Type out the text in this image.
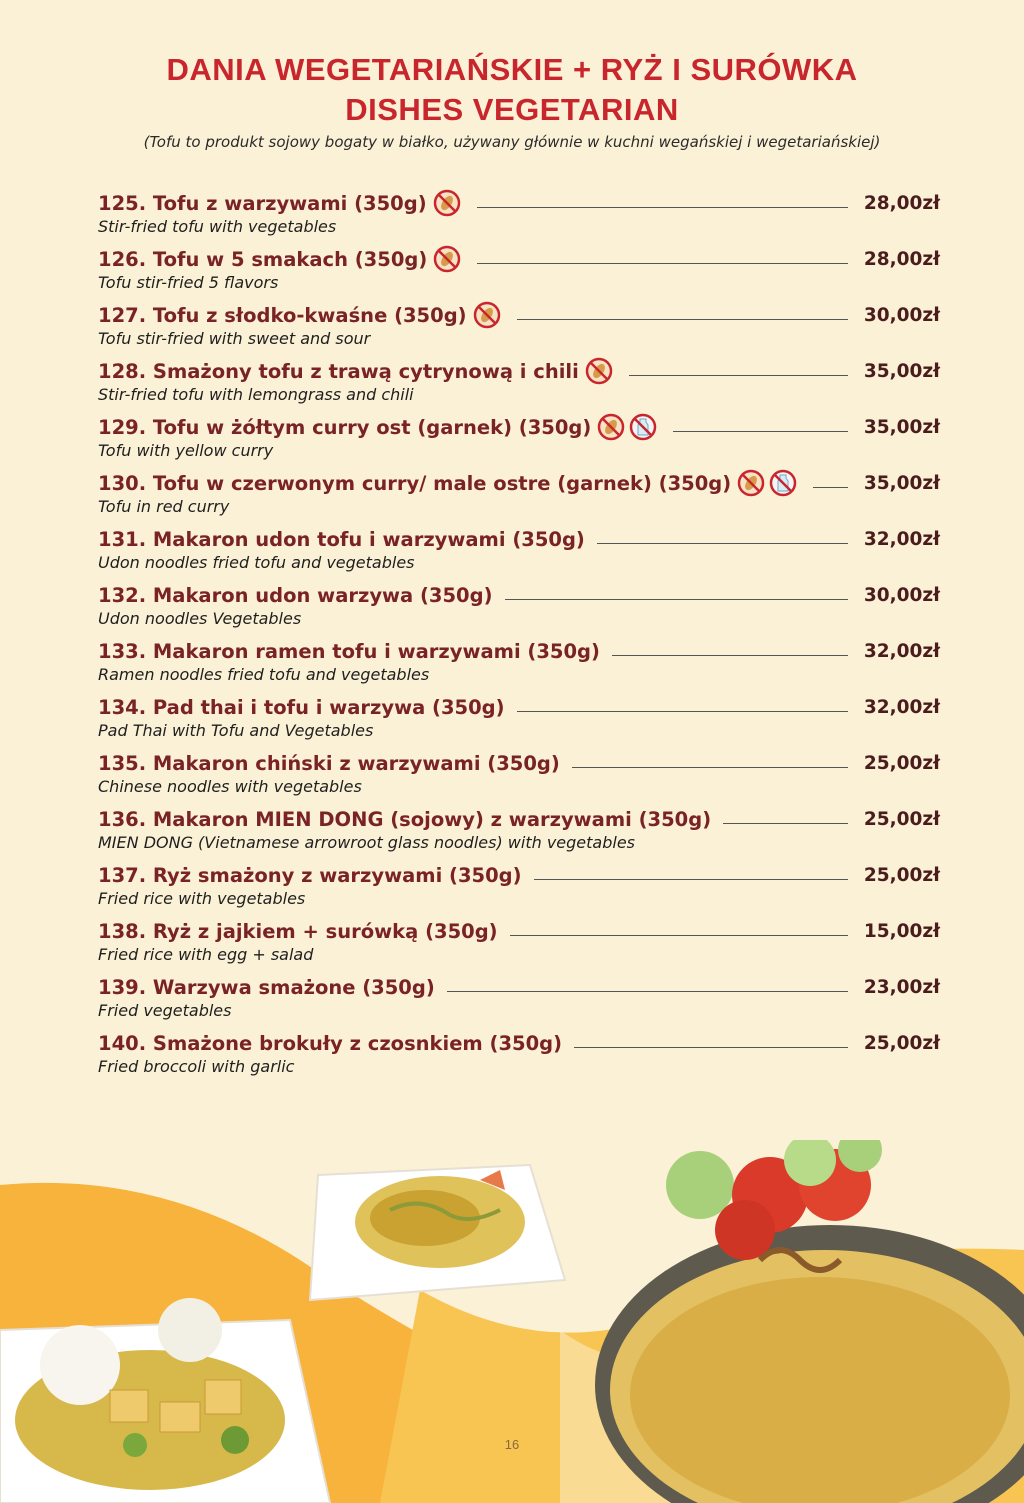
DANIA WEGETARIAŃSKIE + RYŻ I SURÓWKA
DISHES VEGETARIAN
(Tofu to produkt sojowy bogaty w białko, używany głównie w kuchni wegańskiej i wegetariańskiej)
125. Tofu z warzywami (350g)	28,00zł
Stir-fried tofu with vegetables
126. Tofu w 5 smakach (350g)	28,00zł
Tofu stir-fried 5 flavors
127. Tofu z słodko-kwaśne (350g)	30,00zł
Tofu stir-fried with sweet and sour
128. Smażony tofu z trawą cytrynową i chili	35,00zł
Stir-fried tofu with lemongrass and chili
129. Tofu w żółtym curry ost (garnek) (350g)	35,00zł
Tofu with yellow curry
130. Tofu w czerwonym curry/ male ostre (garnek) (350g)	35,00zł
Tofu in red curry
131. Makaron udon tofu i warzywami (350g)	32,00zł
Udon noodles fried tofu and vegetables
132. Makaron udon warzywa (350g)	30,00zł
Udon noodles Vegetables
133. Makaron ramen tofu i warzywami (350g)	32,00zł
Ramen noodles fried tofu and vegetables
134. Pad thai i tofu i warzywa (350g)	32,00zł
Pad Thai with Tofu and Vegetables
135. Makaron chiński z warzywami (350g)	25,00zł
Chinese noodles with vegetables
136. Makaron MIEN DONG (sojowy) z warzywami (350g)	25,00zł
MIEN DONG (Vietnamese arrowroot glass noodles) with vegetables
137. Ryż smażony z warzywami (350g)	25,00zł
Fried rice with vegetables
138. Ryż z jajkiem + surówką (350g)	15,00zł
Fried rice with egg + salad
139. Warzywa smażone (350g)	23,00zł
Fried vegetables
140. Smażone brokuły z czosnkiem (350g)	25,00zł
Fried broccoli with garlic
16
